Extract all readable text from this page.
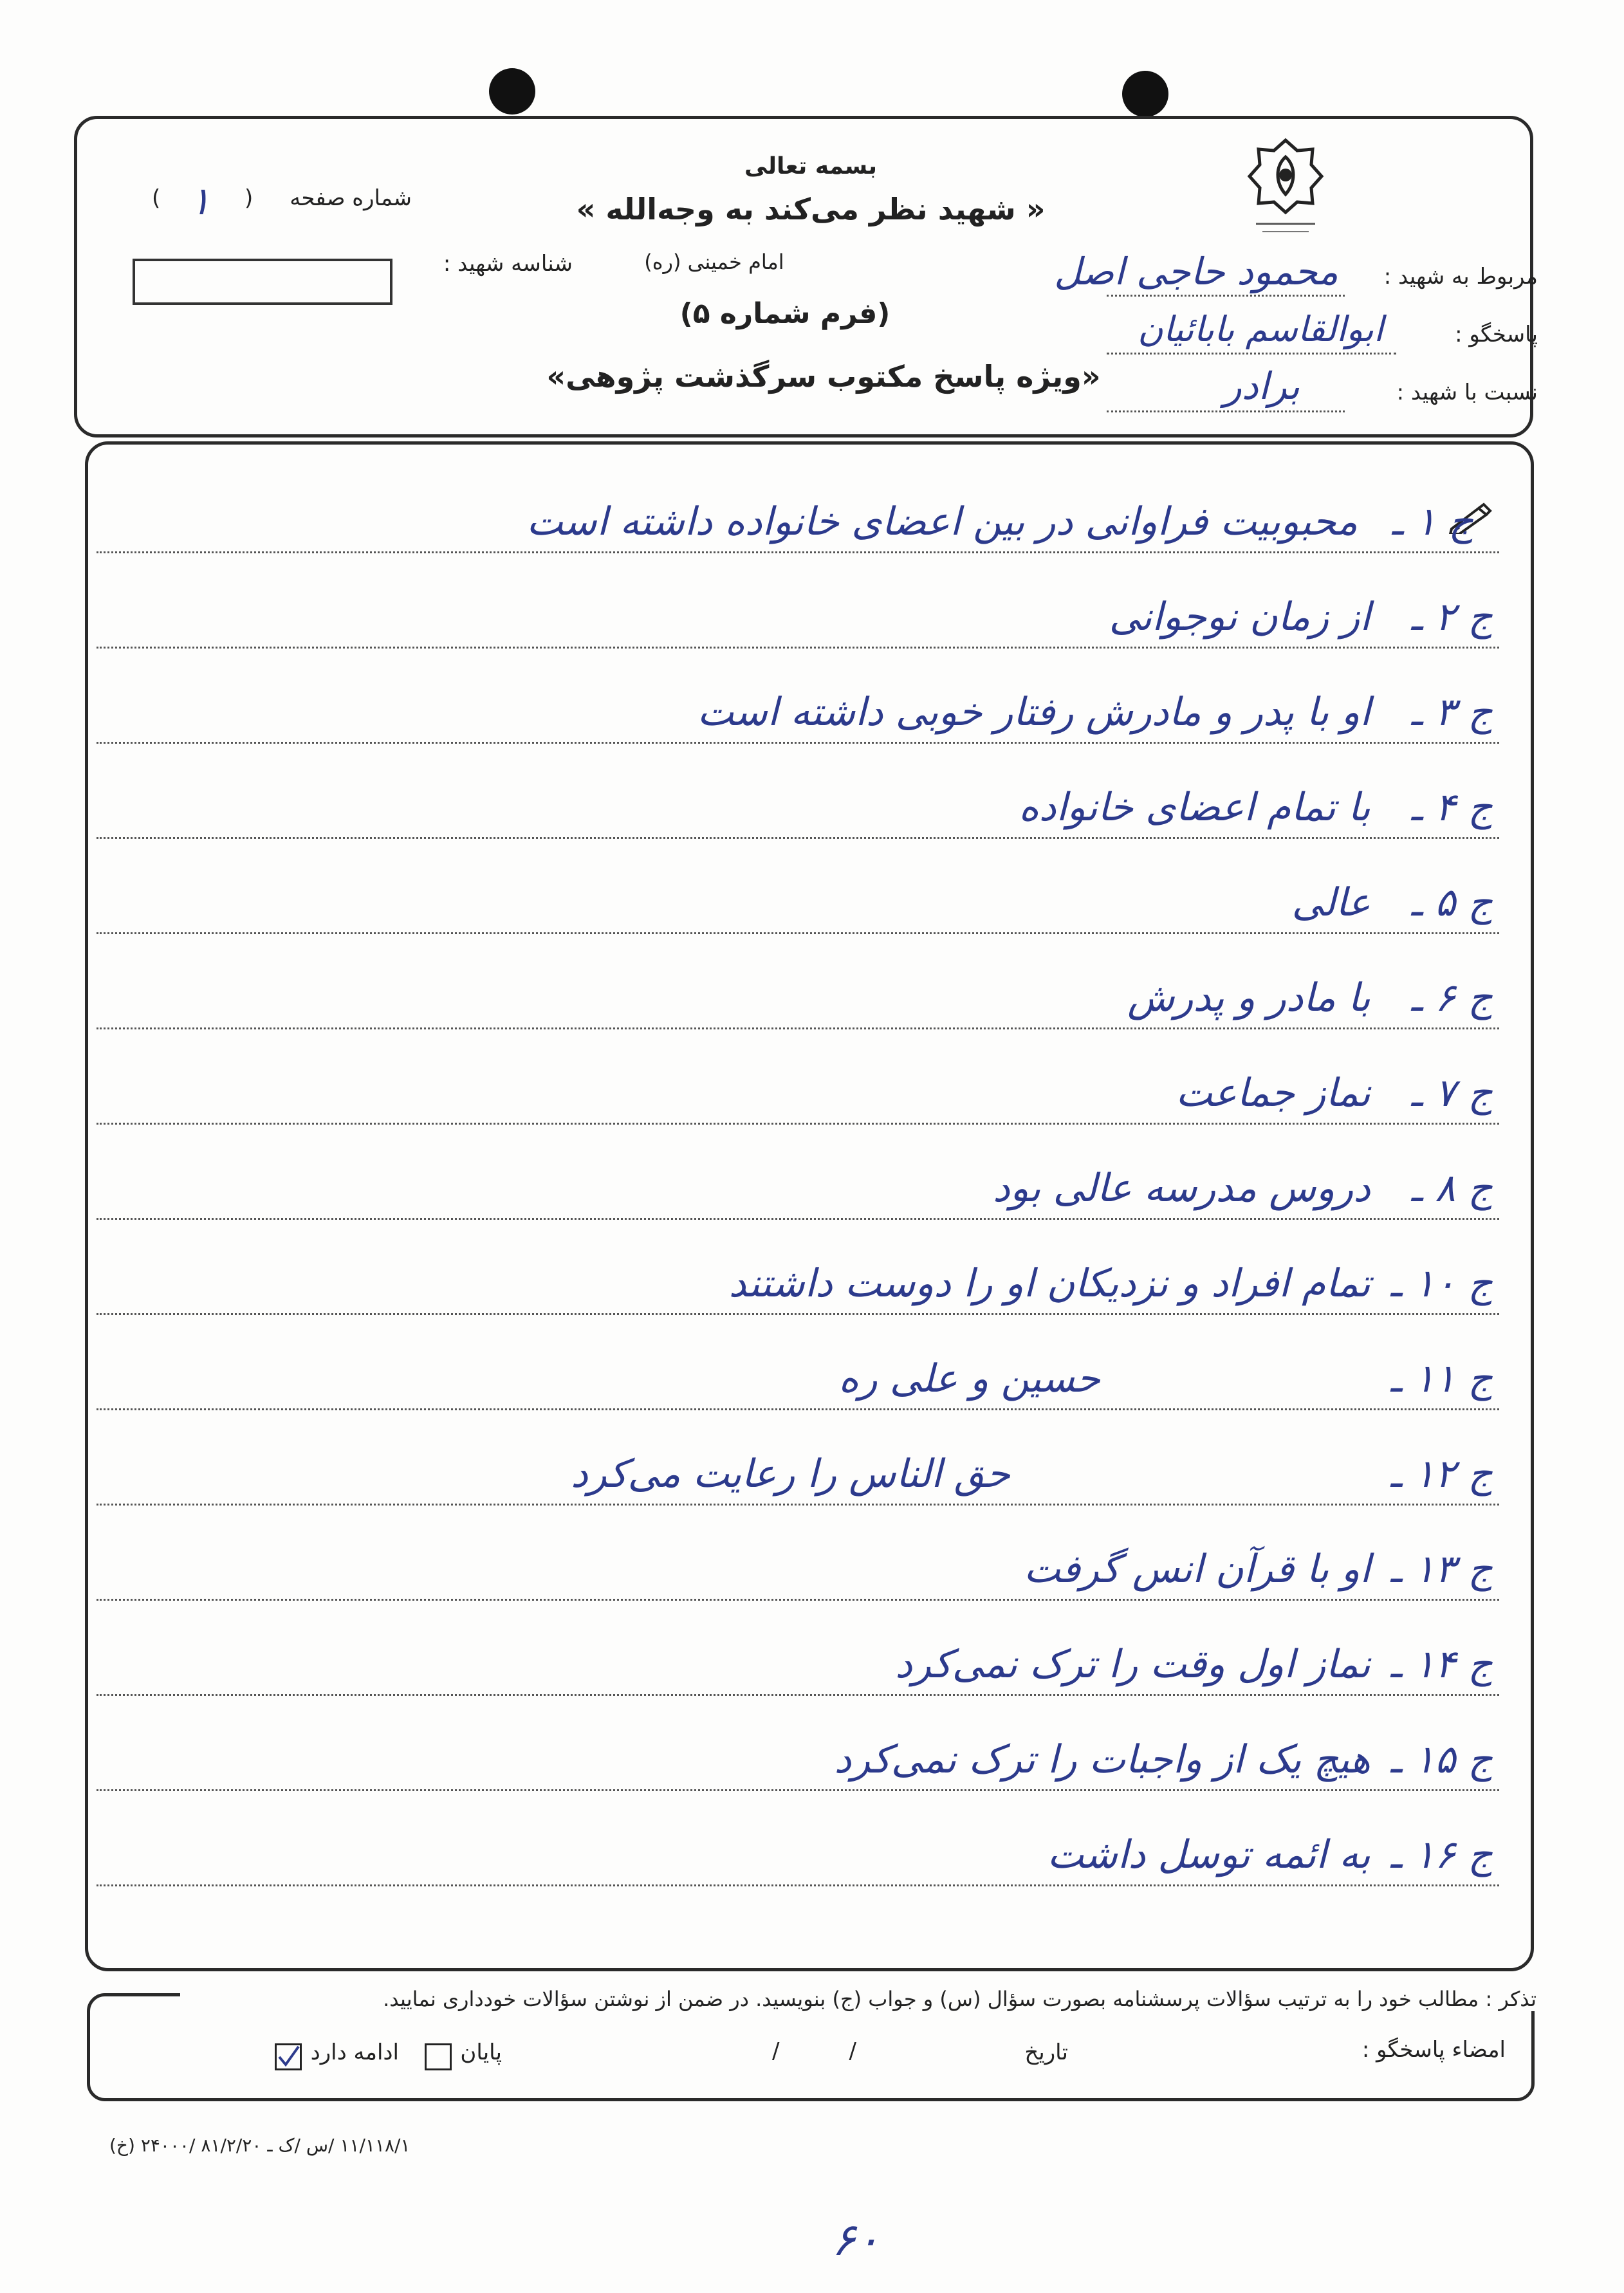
بسمه تعالی
« شهید نظر می‌کند به وجه‌الله »
امام خمینی (ره)
(فرم شماره ۵)
«ویژه پاسخ مکتوب سرگذشت پژوهی»
شماره صفحه
(
۱
)
شناسه شهید :	مربوط به شهید :
محمود حاجی اصل
پاسخگو :
ابوالقاسم بابائیان
نسبت با شهید :
برادر
ج ۱ ـ
محبوبیت فراوانی در بین اعضای خانواده داشته است
ج ۲ ـ
از زمان نوجوانی
ج ۳ ـ
او با پدر و مادرش رفتار خوبی داشته است
ج ۴ ـ
با تمام اعضای خانواده
ج ۵ ـ
عالی
ج ۶ ـ
با مادر و پدرش
ج ۷ ـ
نماز جماعت
ج ۸ ـ
دروس مدرسه عالی بود
ج ۱۰ ـ
تمام افراد و نزدیکان او را دوست داشتند
ج ۱۱ ـ
حسین و علی ره
ج ۱۲ ـ
حق الناس را رعایت می‌کرد
ج ۱۳ ـ
او با قرآن انس گرفت
ج ۱۴ ـ
نماز اول وقت را ترک نمی‌کرد
ج ۱۵ ـ
هیچ یک از واجبات را ترک نمی‌کرد
ج ۱۶ ـ
به ائمه توسل داشت
تذکر : مطالب خود را به ترتیب سؤالات پرسشنامه بصورت سؤال (س) و جواب (ج) بنویسید. در ضمن از نوشتن سؤالات خودداری نمایید.
امضاء پاسخگو :
تاریخ
/          /
پایان
ادامه دارد
۱۱/۱۱۸/۱ /س /ک ـ ۸۱/۲/۲۰ /۲۴۰۰۰ (خ)
۶۰
